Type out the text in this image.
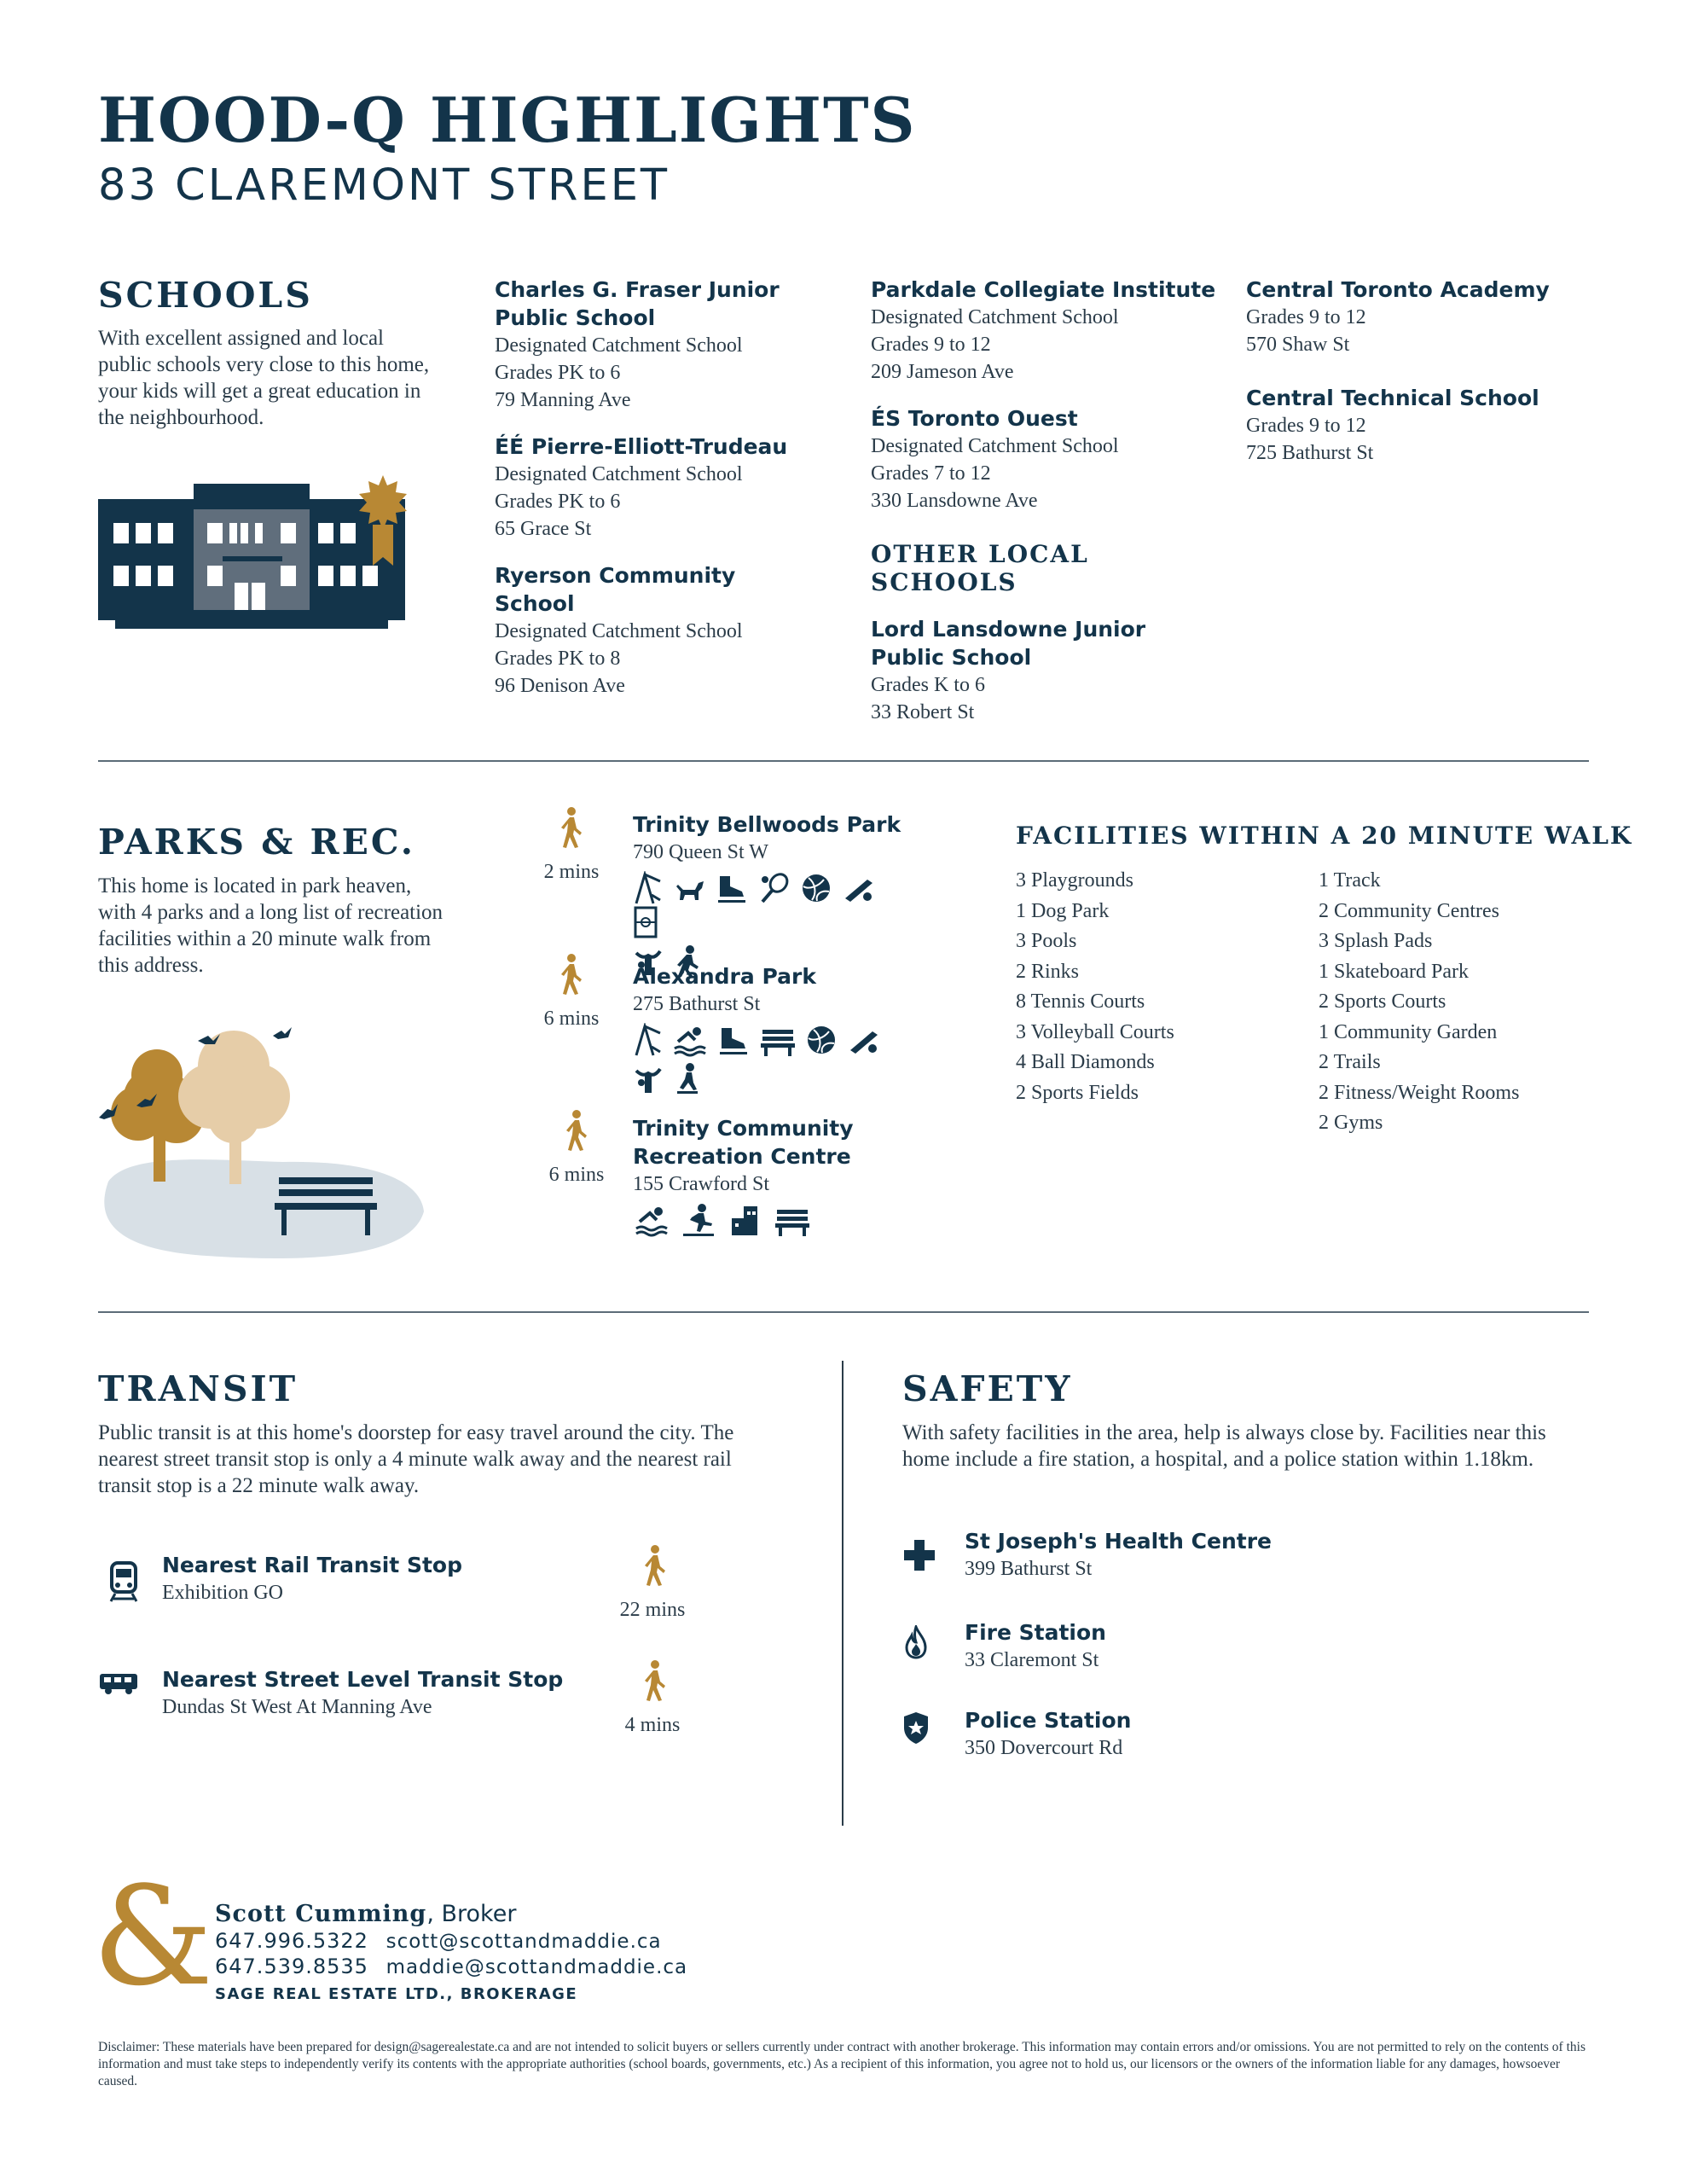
HOOD-Q HIGHLIGHTS
83 CLAREMONT STREET
SCHOOLS

With excellent assigned and local public schools very close to this home, your kids will get a great education in the neighbourhood.

Charles G. Fraser Junior Public School

Designated Catchment School

Grades PK to 6

79 Manning Ave

ÉÉ Pierre-Elliott-Trudeau

Designated Catchment School

Grades PK to 6

65 Grace St

Ryerson Community School

Designated Catchment School

Grades PK to 8

96 Denison Ave

Parkdale Collegiate Institute

Designated Catchment School

Grades 9 to 12

209 Jameson Ave

ÉS Toronto Ouest

Designated Catchment School

Grades 7 to 12

330 Lansdowne Ave

OTHER LOCAL SCHOOLS

Lord Lansdowne Junior Public School

Grades K to 6

33 Robert St

Central Toronto Academy

Grades 9 to 12

570 Shaw St

Central Technical School

Grades 9 to 12

725 Bathurst St

PARKS & REC.

This home is located in park heaven, with 4 parks and a long list of recreation facilities within a 20 minute walk from this address.

2 mins

Trinity Bellwoods Park

790 Queen St W

6 mins

Alexandra Park

275 Bathurst St

6 mins

Trinity Community Recreation Centre

155 Crawford St

FACILITIES WITHIN A 20 MINUTE WALK

3 Playgrounds

1 Dog Park

3 Pools

2 Rinks

8 Tennis Courts

3 Volleyball Courts

4 Ball Diamonds

2 Sports Fields

1 Track

2 Community Centres

3 Splash Pads

1 Skateboard Park

2 Sports Courts

1 Community Garden

2 Trails

2 Fitness/Weight Rooms

2 Gyms

TRANSIT

Public transit is at this home's doorstep for easy travel around the city. The nearest street transit stop is only a 4 minute walk away and the nearest rail transit stop is a 22 minute walk away.

Nearest Rail Transit Stop

Exhibition GO

22 mins

Nearest Street Level Transit Stop

Dundas St West At Manning Ave

4 mins
SAFETY

With safety facilities in the area, help is always close by. Facilities near this home include a fire station, a hospital, and a police station within 1.18km.

St Joseph's Health Centre

399 Bathurst St

Fire Station

33 Claremont St

Police Station

350 Dovercourt Rd

& Scott Cumming, Broker
647.996.5322 scott@scottandmaddie.ca
647.539.8535 maddie@scottandmaddie.ca
SAGE REAL ESTATE LTD., BROKERAGE

Disclaimer: These materials have been prepared for design@sagerealestate.ca and are not intended to solicit buyers or sellers currently under contract with another brokerage. This information may contain errors and/or omissions. You are not permitted to rely on the contents of this information and must take steps to independently verify its contents with the appropriate authorities (school boards, governments, etc.) As a recipient of this information, you agree not to hold us, our licensors or the owners of the information liable for any damages, howsoever caused.
